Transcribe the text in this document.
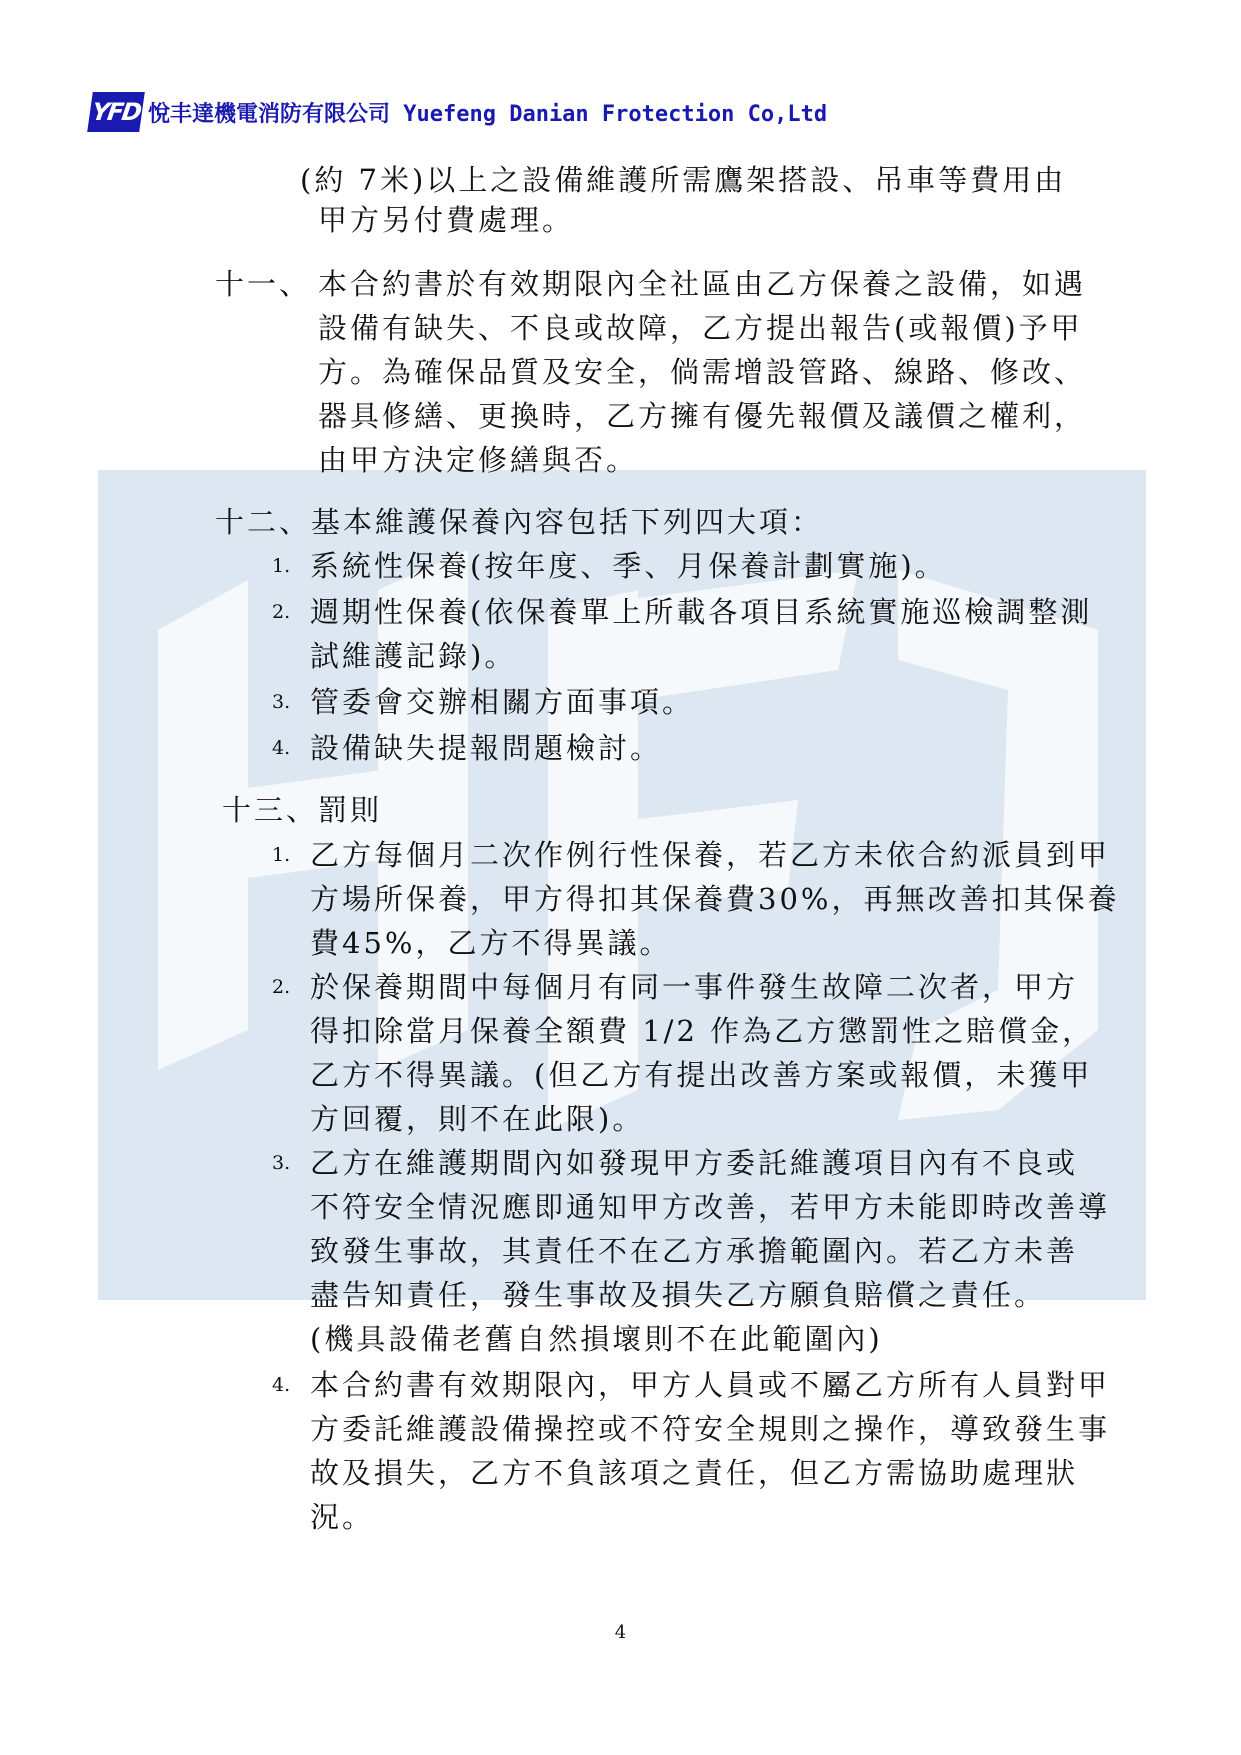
YFD 悅丰達機電消防有限公司 Yuefeng Danian Frotection Co,Ltd
(約 7米)以上之設備維護所需鷹架搭設、吊車等費用由
甲方另付費處理。
十一、 本合約書於有效期限內全社區由乙方保養之設備，如遇
設備有缺失、不良或故障，乙方提出報告(或報價)予甲
方。為確保品質及安全，倘需增設管路、線路、修改、
器具修繕、更換時，乙方擁有優先報價及議價之權利，
由甲方決定修繕與否。
十二、基本維護保養內容包括下列四大項：
1. 系統性保養(按年度、季、月保養計劃實施)。
2. 週期性保養(依保養單上所載各項目系統實施巡檢調整測
試維護記錄)。
3. 管委會交辦相關方面事項。
4. 設備缺失提報問題檢討。
十三、罰則
1. 乙方每個月二次作例行性保養，若乙方未依合約派員到甲
方場所保養，甲方得扣其保養費30%，再無改善扣其保養
費45%，乙方不得異議。
2. 於保養期間中每個月有同一事件發生故障二次者，甲方
得扣除當月保養全額費 1/2 作為乙方懲罰性之賠償金，
乙方不得異議。(但乙方有提出改善方案或報價，未獲甲
方回覆，則不在此限)。
3. 乙方在維護期間內如發現甲方委託維護項目內有不良或
不符安全情況應即通知甲方改善，若甲方未能即時改善導
致發生事故，其責任不在乙方承擔範圍內。若乙方未善
盡告知責任，發生事故及損失乙方願負賠償之責任。
(機具設備老舊自然損壞則不在此範圍內)
4. 本合約書有效期限內，甲方人員或不屬乙方所有人員對甲
方委託維護設備操控或不符安全規則之操作，導致發生事
故及損失，乙方不負該項之責任，但乙方需協助處理狀
況。
4
